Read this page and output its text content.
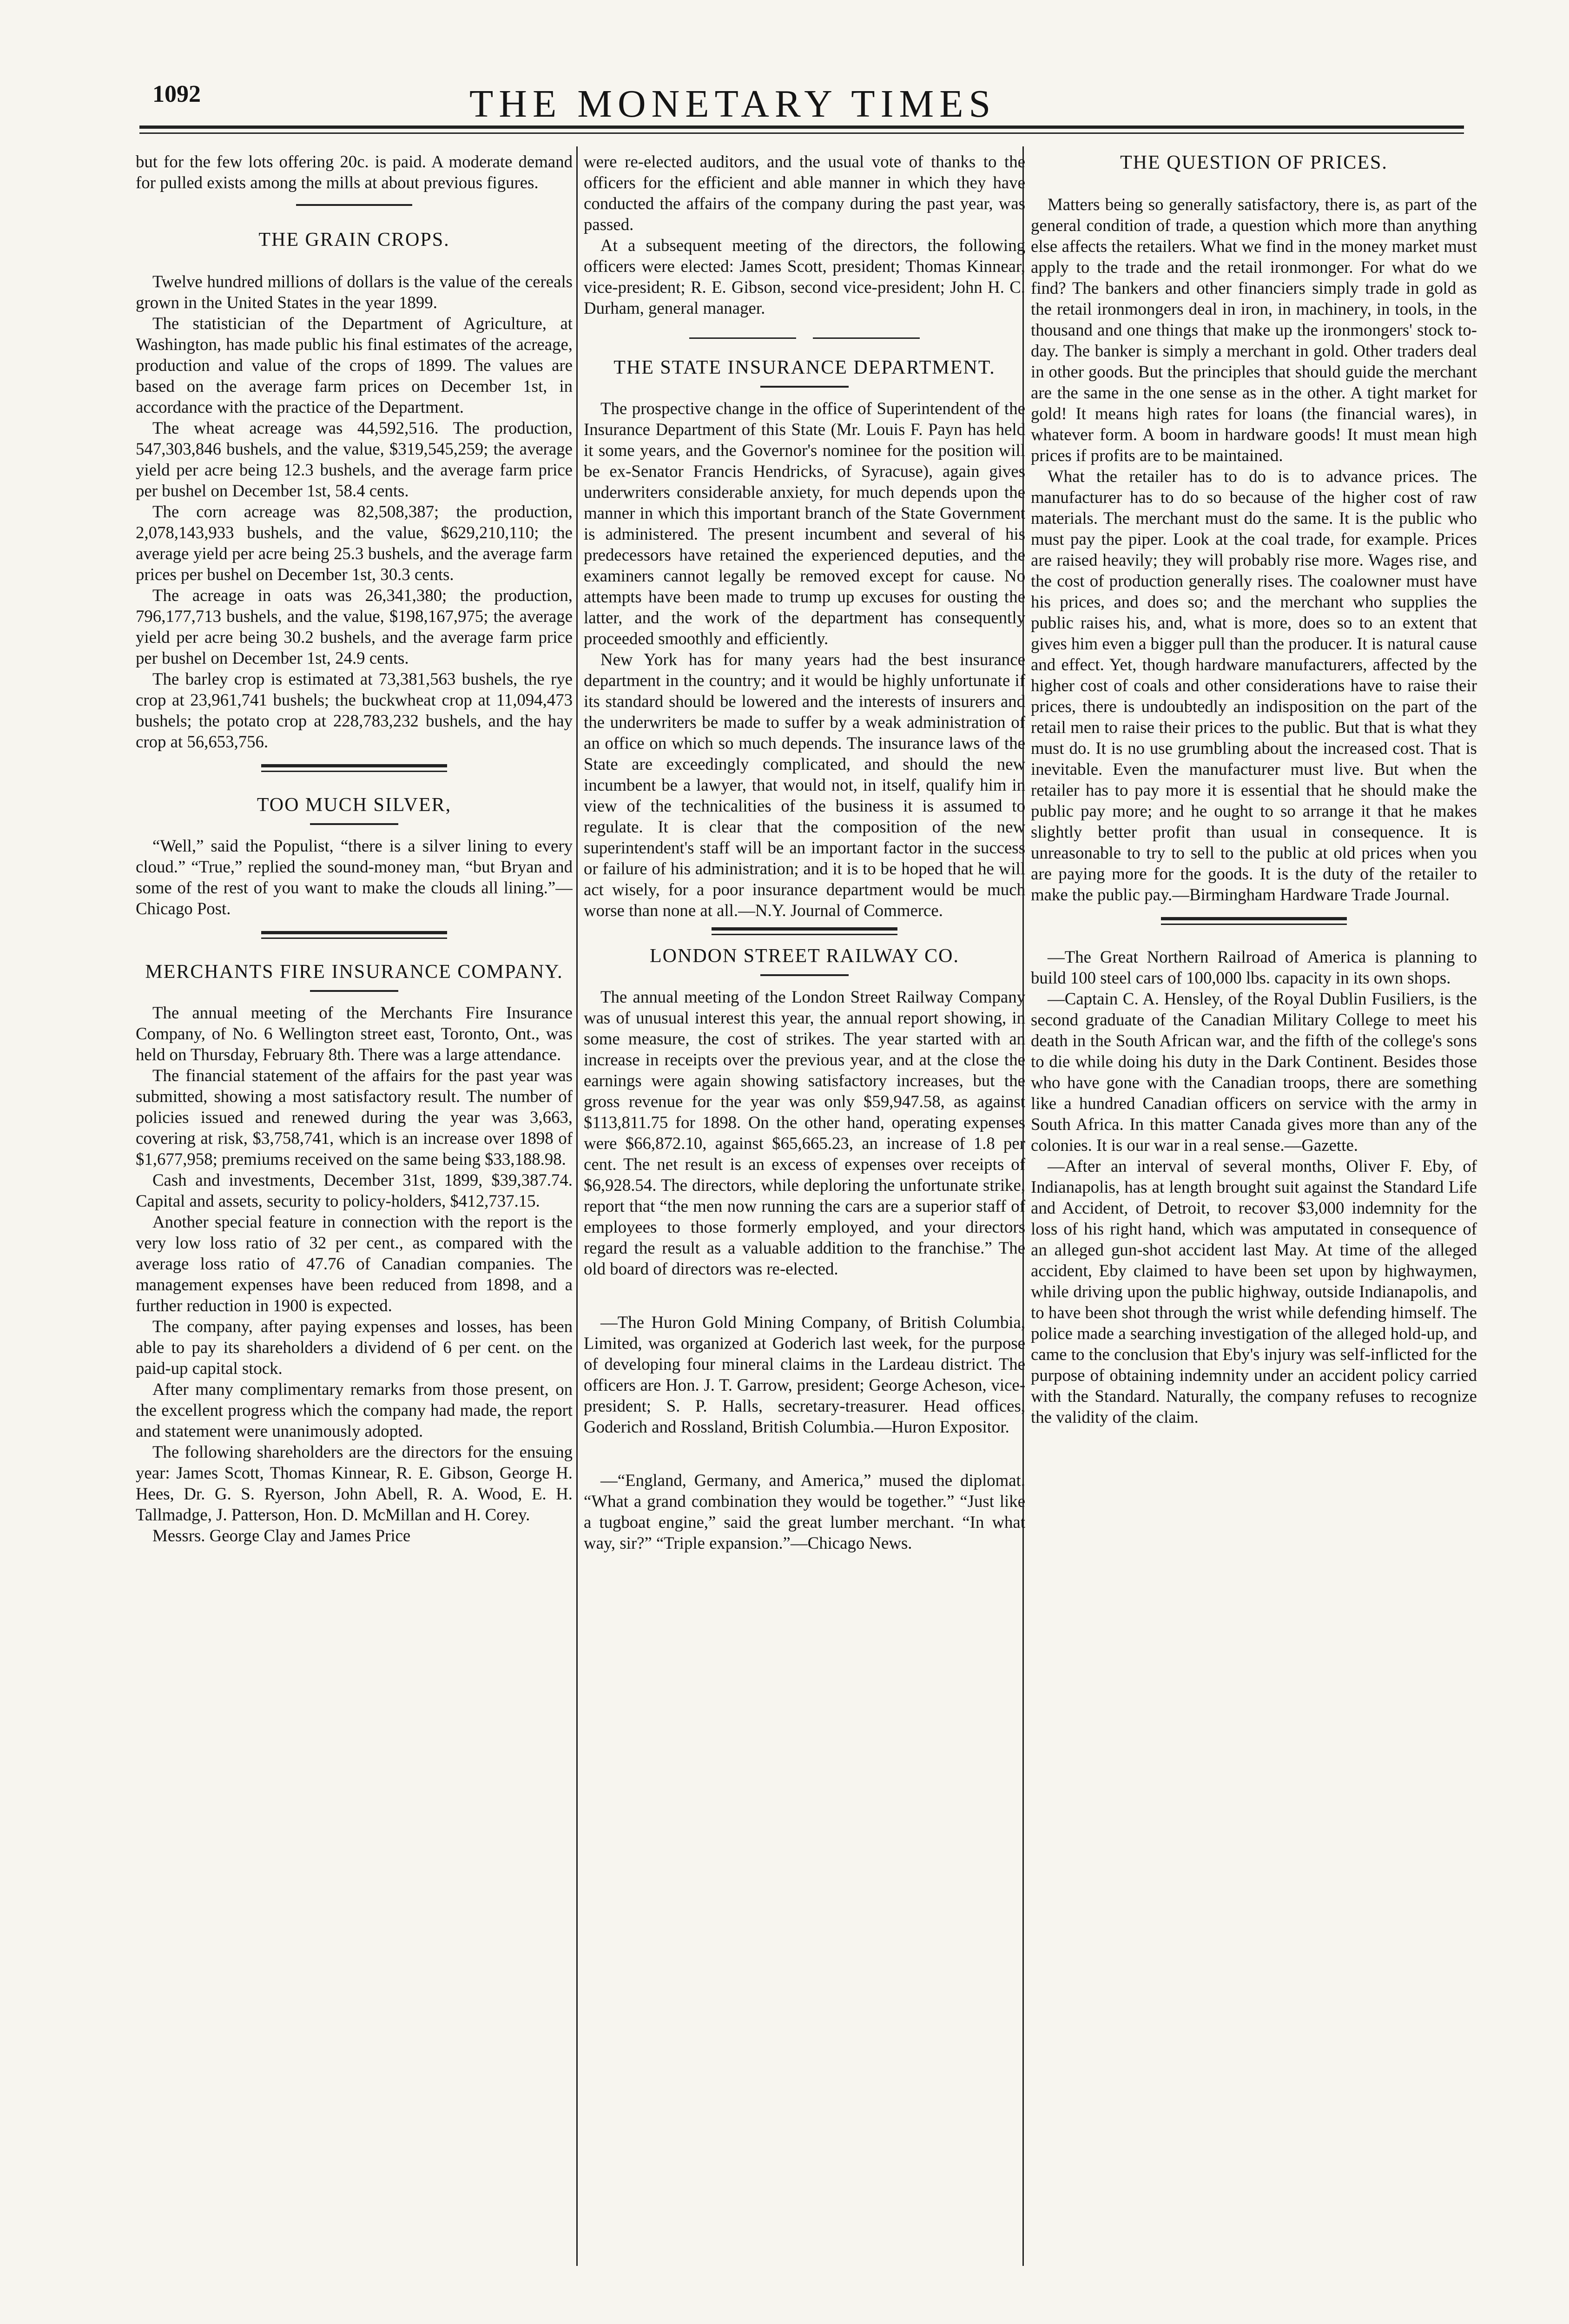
1092	THE MONETARY TIMES

but for the few lots offering 20c. is paid. A moderate demand for pulled exists among the mills at about previous figures.

THE GRAIN CROPS.

Twelve hundred millions of dollars is the value of the cereals grown in the United States in the year 1899.

The statistician of the Department of Agriculture, at Washington, has made public his final estimates of the acreage, production and value of the crops of 1899. The values are based on the average farm prices on December 1st, in accordance with the practice of the Department.

The wheat acreage was 44,592,516. The production, 547,303,846 bushels, and the value, $319,545,259; the average yield per acre being 12.3 bushels, and the average farm price per bushel on December 1st, 58.4 cents.

The corn acreage was 82,508,387; the production, 2,078,143,933 bushels, and the value, $629,210,110; the average yield per acre being 25.3 bushels, and the average farm prices per bushel on December 1st, 30.3 cents.

The acreage in oats was 26,341,380; the production, 796,177,713 bushels, and the value, $198,167,975; the average yield per acre being 30.2 bushels, and the average farm price per bushel on December 1st, 24.9 cents.

The barley crop is estimated at 73,381,563 bushels, the rye crop at 23,961,741 bushels; the buckwheat crop at 11,094,473 bushels; the potato crop at 228,783,232 bushels, and the hay crop at 56,653,756.

TOO MUCH SILVER,

“Well,” said the Populist, “there is a silver lining to every cloud.” “True,” replied the sound-money man, “but Bryan and some of the rest of you want to make the clouds all lining.”—Chicago Post.

MERCHANTS FIRE INSURANCE COMPANY.

The annual meeting of the Merchants Fire Insurance Company, of No. 6 Wellington street east, Toronto, Ont., was held on Thursday, February 8th. There was a large attendance.

The financial statement of the affairs for the past year was submitted, showing a most satisfactory result. The number of policies issued and renewed during the year was 3,663, covering at risk, $3,758,741, which is an increase over 1898 of $1,677,958; premiums received on the same being $33,188.98.

Cash and investments, December 31st, 1899, $39,387.74. Capital and assets, security to policy-holders, $412,737.15.

Another special feature in connection with the report is the very low loss ratio of 32 per cent., as compared with the average loss ratio of 47.76 of Canadian companies. The management expenses have been reduced from 1898, and a further reduction in 1900 is expected.

The company, after paying expenses and losses, has been able to pay its shareholders a dividend of 6 per cent. on the paid-up capital stock.

After many complimentary remarks from those present, on the excellent progress which the company had made, the report and statement were unanimously adopted.

The following shareholders are the directors for the ensuing year: James Scott, Thomas Kinnear, R. E. Gibson, George H. Hees, Dr. G. S. Ryerson, John Abell, R. A. Wood, E. H. Tallmadge, J. Patterson, Hon. D. McMillan and H. Corey.

Messrs. George Clay and James Price

were re-elected auditors, and the usual vote of thanks to the officers for the efficient and able manner in which they have conducted the affairs of the company during the past year, was passed.

At a subsequent meeting of the directors, the following officers were elected: James Scott, president; Thomas Kinnear, vice-president; R. E. Gibson, second vice-president; John H. C. Durham, general manager.

THE STATE INSURANCE DEPARTMENT.

The prospective change in the office of Superintendent of the Insurance Department of this State (Mr. Louis F. Payn has held it some years, and the Governor's nominee for the position will be ex-Senator Francis Hendricks, of Syracuse), again gives underwriters considerable anxiety, for much depends upon the manner in which this important branch of the State Government is administered. The present incumbent and several of his predecessors have retained the experienced deputies, and the examiners cannot legally be removed except for cause. No attempts have been made to trump up excuses for ousting the latter, and the work of the department has consequently proceeded smoothly and efficiently.

New York has for many years had the best insurance department in the country; and it would be highly unfortunate if its standard should be lowered and the interests of insurers and the underwriters be made to suffer by a weak administration of an office on which so much depends. The insurance laws of the State are exceedingly complicated, and should the new incumbent be a lawyer, that would not, in itself, qualify him in view of the technicalities of the business it is assumed to regulate. It is clear that the composition of the new superintendent's staff will be an important factor in the success or failure of his administration; and it is to be hoped that he will act wisely, for a poor insurance department would be much worse than none at all.—N.Y. Journal of Commerce.

LONDON STREET RAILWAY CO.

The annual meeting of the London Street Railway Company was of unusual interest this year, the annual report showing, in some measure, the cost of strikes. The year started with an increase in receipts over the previous year, and at the close the earnings were again showing satisfactory increases, but the gross revenue for the year was only $59,947.58, as against $113,811.75 for 1898. On the other hand, operating expenses were $66,872.10, against $65,665.23, an increase of 1.8 per cent. The net result is an excess of expenses over receipts of $6,928.54. The directors, while deploring the unfortunate strike, report that “the men now running the cars are a superior staff of employees to those formerly employed, and your directors regard the result as a valuable addition to the franchise.” The old board of directors was re-elected.

—The Huron Gold Mining Company, of British Columbia, Limited, was organized at Goderich last week, for the purpose of developing four mineral claims in the Lardeau district. The officers are Hon. J. T. Garrow, president; George Acheson, vice-president; S. P. Halls, secretary-treasurer. Head offices, Goderich and Rossland, British Columbia.—Huron Expositor.

—“England, Germany, and America,” mused the diplomat. “What a grand combination they would be together.” “Just like a tugboat engine,” said the great lumber merchant. “In what way, sir?” “Triple expansion.”—Chicago News.

THE QUESTION OF PRICES.

Matters being so generally satisfactory, there is, as part of the general condition of trade, a question which more than anything else affects the retailers. What we find in the money market must apply to the trade and the retail ironmonger. For what do we find? The bankers and other financiers simply trade in gold as the retail ironmongers deal in iron, in machinery, in tools, in the thousand and one things that make up the ironmongers' stock to-day. The banker is simply a merchant in gold. Other traders deal in other goods. But the principles that should guide the merchant are the same in the one sense as in the other. A tight market for gold! It means high rates for loans (the financial wares), in whatever form. A boom in hardware goods! It must mean high prices if profits are to be maintained.

What the retailer has to do is to advance prices. The manufacturer has to do so because of the higher cost of raw materials. The merchant must do the same. It is the public who must pay the piper. Look at the coal trade, for example. Prices are raised heavily; they will probably rise more. Wages rise, and the cost of production generally rises. The coalowner must have his prices, and does so; and the merchant who supplies the public raises his, and, what is more, does so to an extent that gives him even a bigger pull than the producer. It is natural cause and effect. Yet, though hardware manufacturers, affected by the higher cost of coals and other considerations have to raise their prices, there is undoubtedly an indisposition on the part of the retail men to raise their prices to the public. But that is what they must do. It is no use grumbling about the increased cost. That is inevitable. Even the manufacturer must live. But when the retailer has to pay more it is essential that he should make the public pay more; and he ought to so arrange it that he makes slightly better profit than usual in consequence. It is unreasonable to try to sell to the public at old prices when you are paying more for the goods. It is the duty of the retailer to make the public pay.—Birmingham Hardware Trade Journal.

—The Great Northern Railroad of America is planning to build 100 steel cars of 100,000 lbs. capacity in its own shops.

—Captain C. A. Hensley, of the Royal Dublin Fusiliers, is the second graduate of the Canadian Military College to meet his death in the South African war, and the fifth of the college's sons to die while doing his duty in the Dark Continent. Besides those who have gone with the Canadian troops, there are something like a hundred Canadian officers on service with the army in South Africa. In this matter Canada gives more than any of the colonies. It is our war in a real sense.—Gazette.

—After an interval of several months, Oliver F. Eby, of Indianapolis, has at length brought suit against the Standard Life and Accident, of Detroit, to recover $3,000 indemnity for the loss of his right hand, which was amputated in consequence of an alleged gun-shot accident last May. At time of the alleged accident, Eby claimed to have been set upon by highwaymen, while driving upon the public highway, outside Indianapolis, and to have been shot through the wrist while defending himself. The police made a searching investigation of the alleged hold-up, and came to the conclusion that Eby's injury was self-inflicted for the purpose of obtaining indemnity under an accident policy carried with the Standard. Naturally, the company refuses to recognize the validity of the claim.
